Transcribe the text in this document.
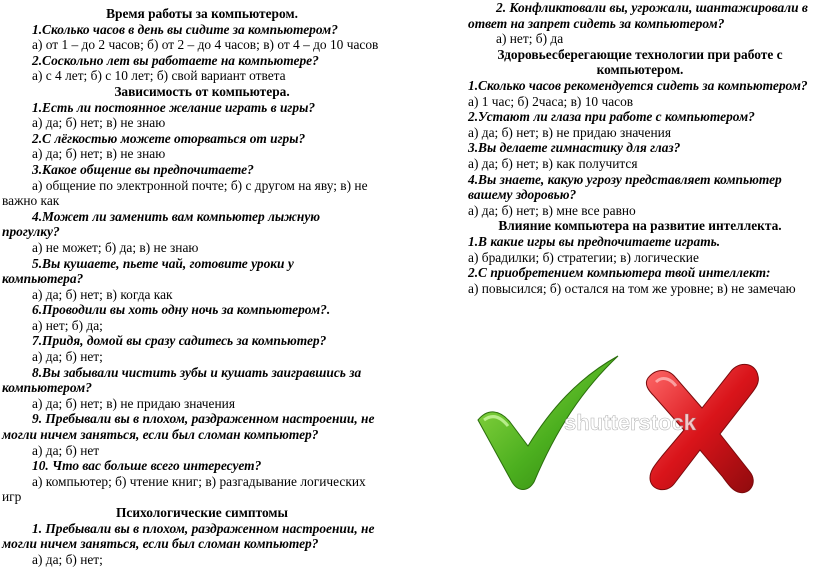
Время работы за компьютером.
1.Сколько часов в день вы сидите за компьютером?
а) от 1 – до 2 часов; б) от 2 – до 4 часов; в) от 4 – до 10 часов
2.Соскольно лет вы работаете на компьютере?
а) с 4 лет; б) с 10 лет; б) свой вариант ответа
Зависимость от компьютера.
1.Есть ли постоянное желание играть в игры?
а) да; б) нет; в) не знаю
2.С лёгкостью можете оторваться от игры?
а) да; б) нет; в) не знаю
3.Какое общение вы предпочитаете?
а) общение по электронной почте; б) с другом на яву; в) не
важно как
4.Может ли заменить вам компьютер лыжную
прогулку?
а) не может; б) да; в) не знаю
5.Вы кушаете, пьете чай, готовите уроки у
компьютера?
а) да; б) нет; в) когда как
6.Проводили вы хоть одну ночь за компьютером?.
а) нет; б) да;
7.Придя, домой вы сразу садитесь за компьютер?
а) да; б) нет;
8.Вы забывали чистить зубы и кушать заигравшись за
компьютером?
а) да; б) нет; в) не придаю значения
9. Пребывали вы в плохом, раздраженном настроении, не
могли ничем заняться, если был сломан компьютер?
а) да; б) нет
10. Что вас больше всего интересует?
а) компьютер; б) чтение книг; в) разгадывание логических
игр
Психологические симптомы
1. Пребывали вы в плохом, раздраженном настроении, не
могли ничем заняться, если был сломан компьютер?
а) да; б) нет;
2. Конфликтовали вы, угрожали, шантажировали в
ответ на запрет сидеть за компьютером?
а) нет; б) да
Здоровьесберегающие технологии при работе с
компьютером.
1.Сколько часов рекомендуется сидеть за компьютером?
а) 1 час; б) 2часа; в) 10 часов
2.Устают ли глаза при работе с компьютером?
а) да; б) нет; в) не придаю значения
3.Вы делаете гимнастику для глаз?
а) да; б) нет; в) как получится
4.Вы знаете, какую угрозу представляет компьютер
вашему здоровью?
а) да; б) нет; в) мне все равно
Влияние компьютера на развитие интеллекта.
1.В какие игры вы предпочитаете играть.
а) брадилки; б) стратегии; в) логические
2.С приобретением компьютера твой интеллект:
а) повысился; б) остался на том же уровне; в) не замечаю
shutterstock
